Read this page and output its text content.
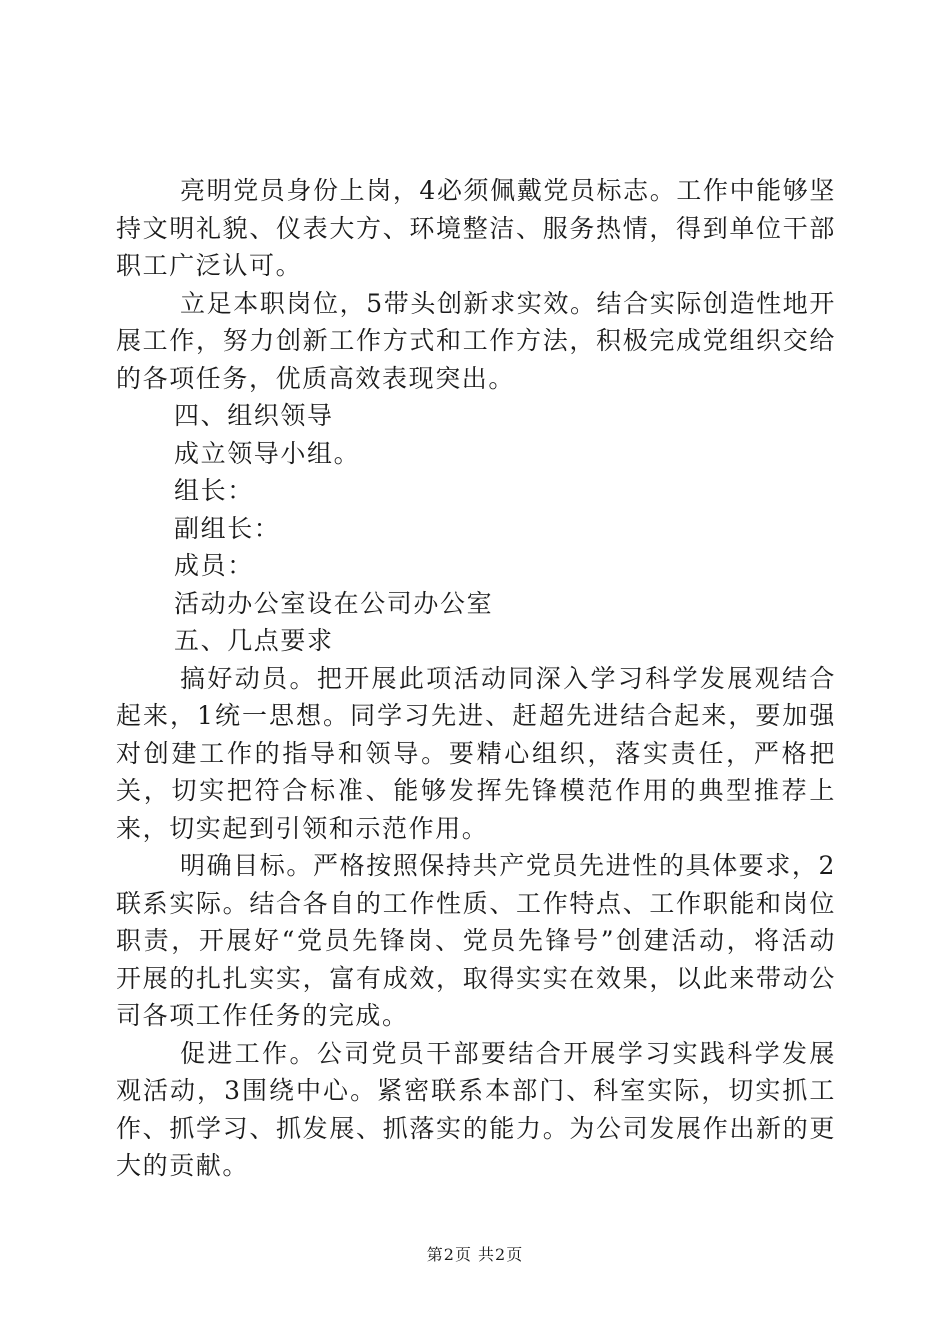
亮明党员身份上岗，4必须佩戴党员标志。工作中能够坚持文明礼貌、仪表大方、环境整洁、服务热情，得到单位干部职工广泛认可。

立足本职岗位，5带头创新求实效。结合实际创造性地开展工作，努力创新工作方式和工作方法，积极完成党组织交给的各项任务，优质高效表现突出。

四、组织领导

成立领导小组。

组长：

副组长：

成员：

活动办公室设在公司办公室

五、几点要求

搞好动员。把开展此项活动同深入学习科学发展观结合起来，1统一思想。同学习先进、赶超先进结合起来，要加强对创建工作的指导和领导。要精心组织，落实责任，严格把关，切实把符合标准、能够发挥先锋模范作用的典型推荐上来，切实起到引领和示范作用。

明确目标。严格按照保持共产党员先进性的具体要求，2联系实际。结合各自的工作性质、工作特点、工作职能和岗位职责，开展好“党员先锋岗、党员先锋号”创建活动，将活动开展的扎扎实实，富有成效，取得实实在效果，以此来带动公司各项工作任务的完成。

促进工作。公司党员干部要结合开展学习实践科学发展观活动，3围绕中心。紧密联系本部门、科室实际，切实抓工作、抓学习、抓发展、抓落实的能力。为公司发展作出新的更大的贡献。

第2页 共2页
